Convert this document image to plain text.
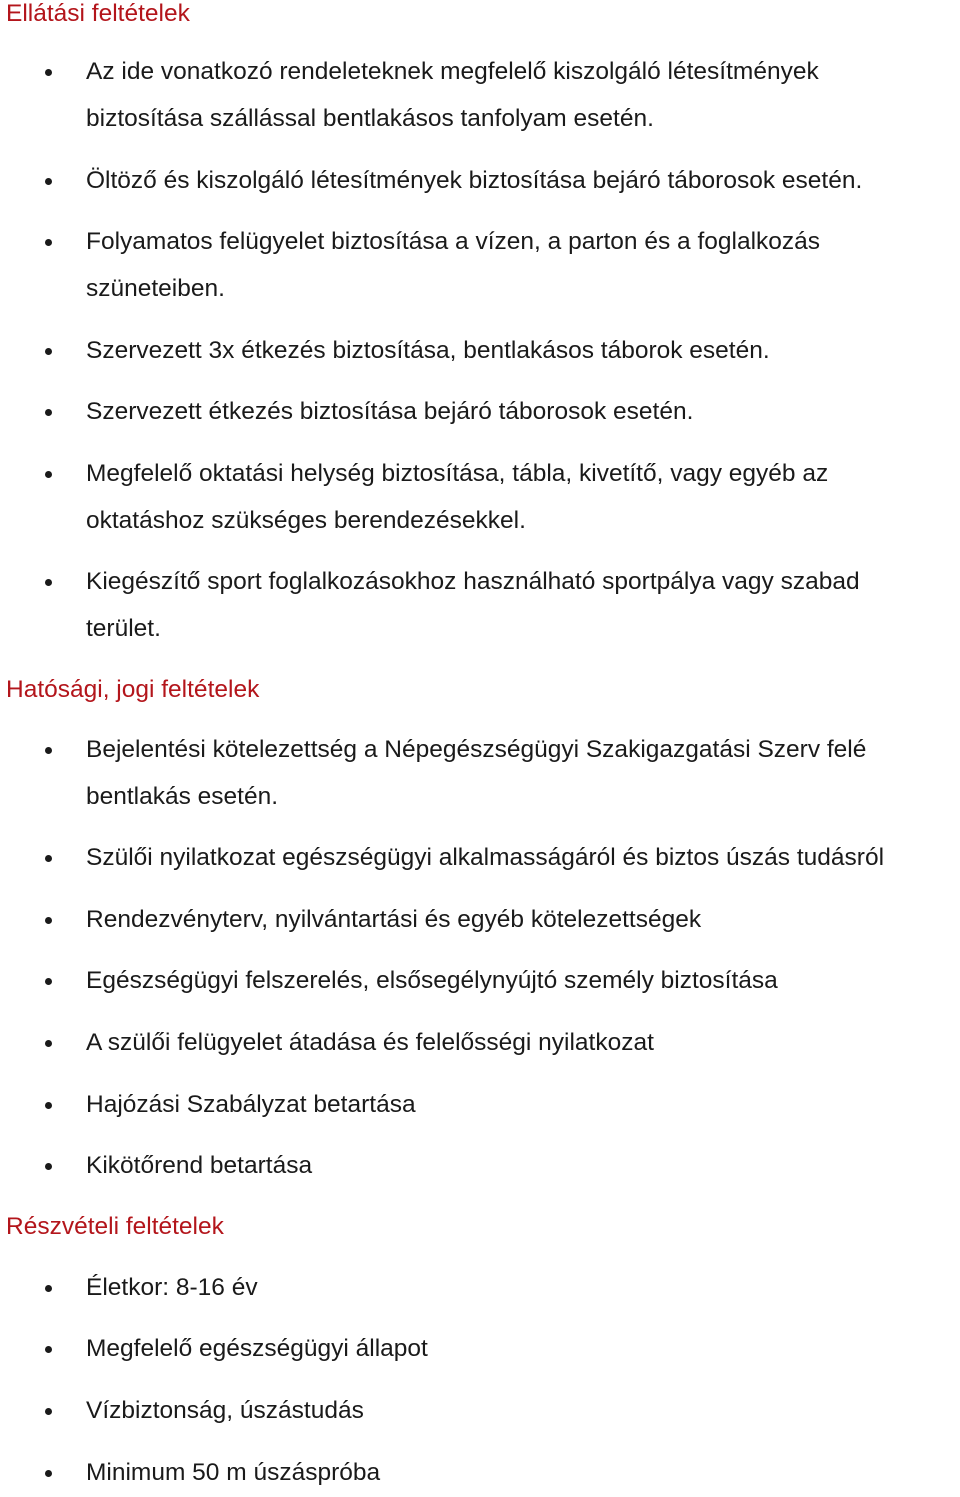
Ellátási feltételek
Az ide vonatkozó rendeleteknek megfelelő kiszolgáló létesítmények
biztosítása szállással bentlakásos tanfolyam esetén.
Öltöző és kiszolgáló létesítmények biztosítása bejáró táborosok esetén.
Folyamatos felügyelet biztosítása a vízen, a parton és a foglalkozás
szüneteiben.
Szervezett 3x étkezés biztosítása, bentlakásos táborok esetén.
Szervezett étkezés biztosítása bejáró táborosok esetén.
Megfelelő oktatási helység biztosítása, tábla, kivetítő, vagy egyéb az
oktatáshoz szükséges berendezésekkel.
Kiegészítő sport foglalkozásokhoz használható sportpálya vagy szabad
terület.
Hatósági, jogi feltételek
Bejelentési kötelezettség a Népegészségügyi Szakigazgatási Szerv felé
bentlakás esetén.
Szülői nyilatkozat egészségügyi alkalmasságáról és biztos úszás tudásról
Rendezvényterv, nyilvántartási és egyéb kötelezettségek
Egészségügyi felszerelés, elsősegélynyújtó személy biztosítása
A szülői felügyelet átadása és felelősségi nyilatkozat
Hajózási Szabályzat betartása
Kikötőrend betartása
Részvételi feltételek
Életkor: 8-16 év
Megfelelő egészségügyi állapot
Vízbiztonság, úszástudás
Minimum 50 m úszáspróba
